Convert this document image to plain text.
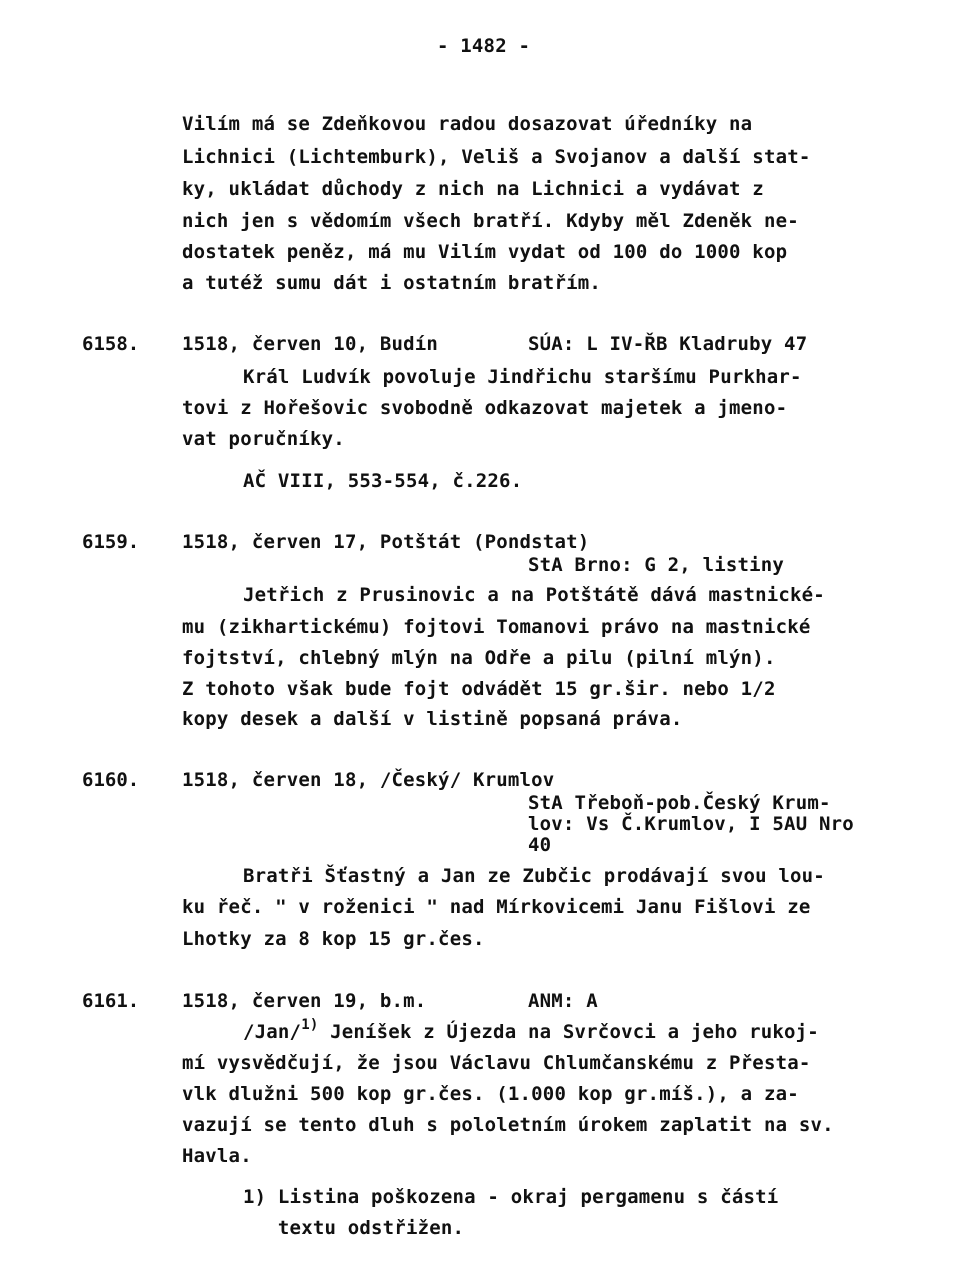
- 1482 -
Vilím má se Zdeňkovou radou dosazovat úředníky na
Lichnici (Lichtemburk), Veliš a Svojanov a další stat-
ky, ukládat důchody z nich na Lichnici a vydávat z
nich jen s vědomím všech bratří. Kdyby měl Zdeněk ne-
dostatek peněz, má mu Vilím vydat od 100 do 1000 kop
a tutéž sumu dát i ostatním bratřím.
6158. 1518, červen 10, Budín	SÚA: L IV-ŘB Kladruby 47
Král Ludvík povoluje Jindřichu staršímu Purkhar-
tovi z Hořešovic svobodně odkazovat majetek a jmeno-
vat poručníky.
AČ VIII, 553-554, č.226.
6159. 1518, červen 17, Potštát (Pondstat)
StA Brno: G 2, listiny
Jetřich z Prusinovic a na Potštátě dává mastnické-
mu (zikhartickému) fojtovi Tomanovi právo na mastnické
fojtství, chlebný mlýn na Odře a pilu (pilní mlýn).
Z tohoto však bude fojt odvádět 15 gr.šir. nebo 1/2
kopy desek a další v listině popsaná práva.
6160. 1518, červen 18, /Český/ Krumlov
StA Třeboň-pob.Český Krum-
lov: Vs Č.Krumlov, I 5AU Nro
40
Bratři Šťastný a Jan ze Zubčic prodávají svou lou-
ku řeč. " v roženici " nad Mírkovicemi Janu Fišlovi ze
Lhotky za 8 kop 15 gr.čes.
6161. 1518, červen 19, b.m.	ANM: A
/Jan/$^{1)}$ Jeníšek z Újezda na Svrčovci a jeho rukoj-
mí vysvědčují, že jsou Václavu Chlumčanskému z Přesta-
vlk dlužni 500 kop gr.čes. (1.000 kop gr.míš.), a za-
vazují se tento dluh s pololetním úrokem zaplatit na sv.
Havla.
1) Listina poškozena - okraj pergamenu s částí
textu odstřižen.
